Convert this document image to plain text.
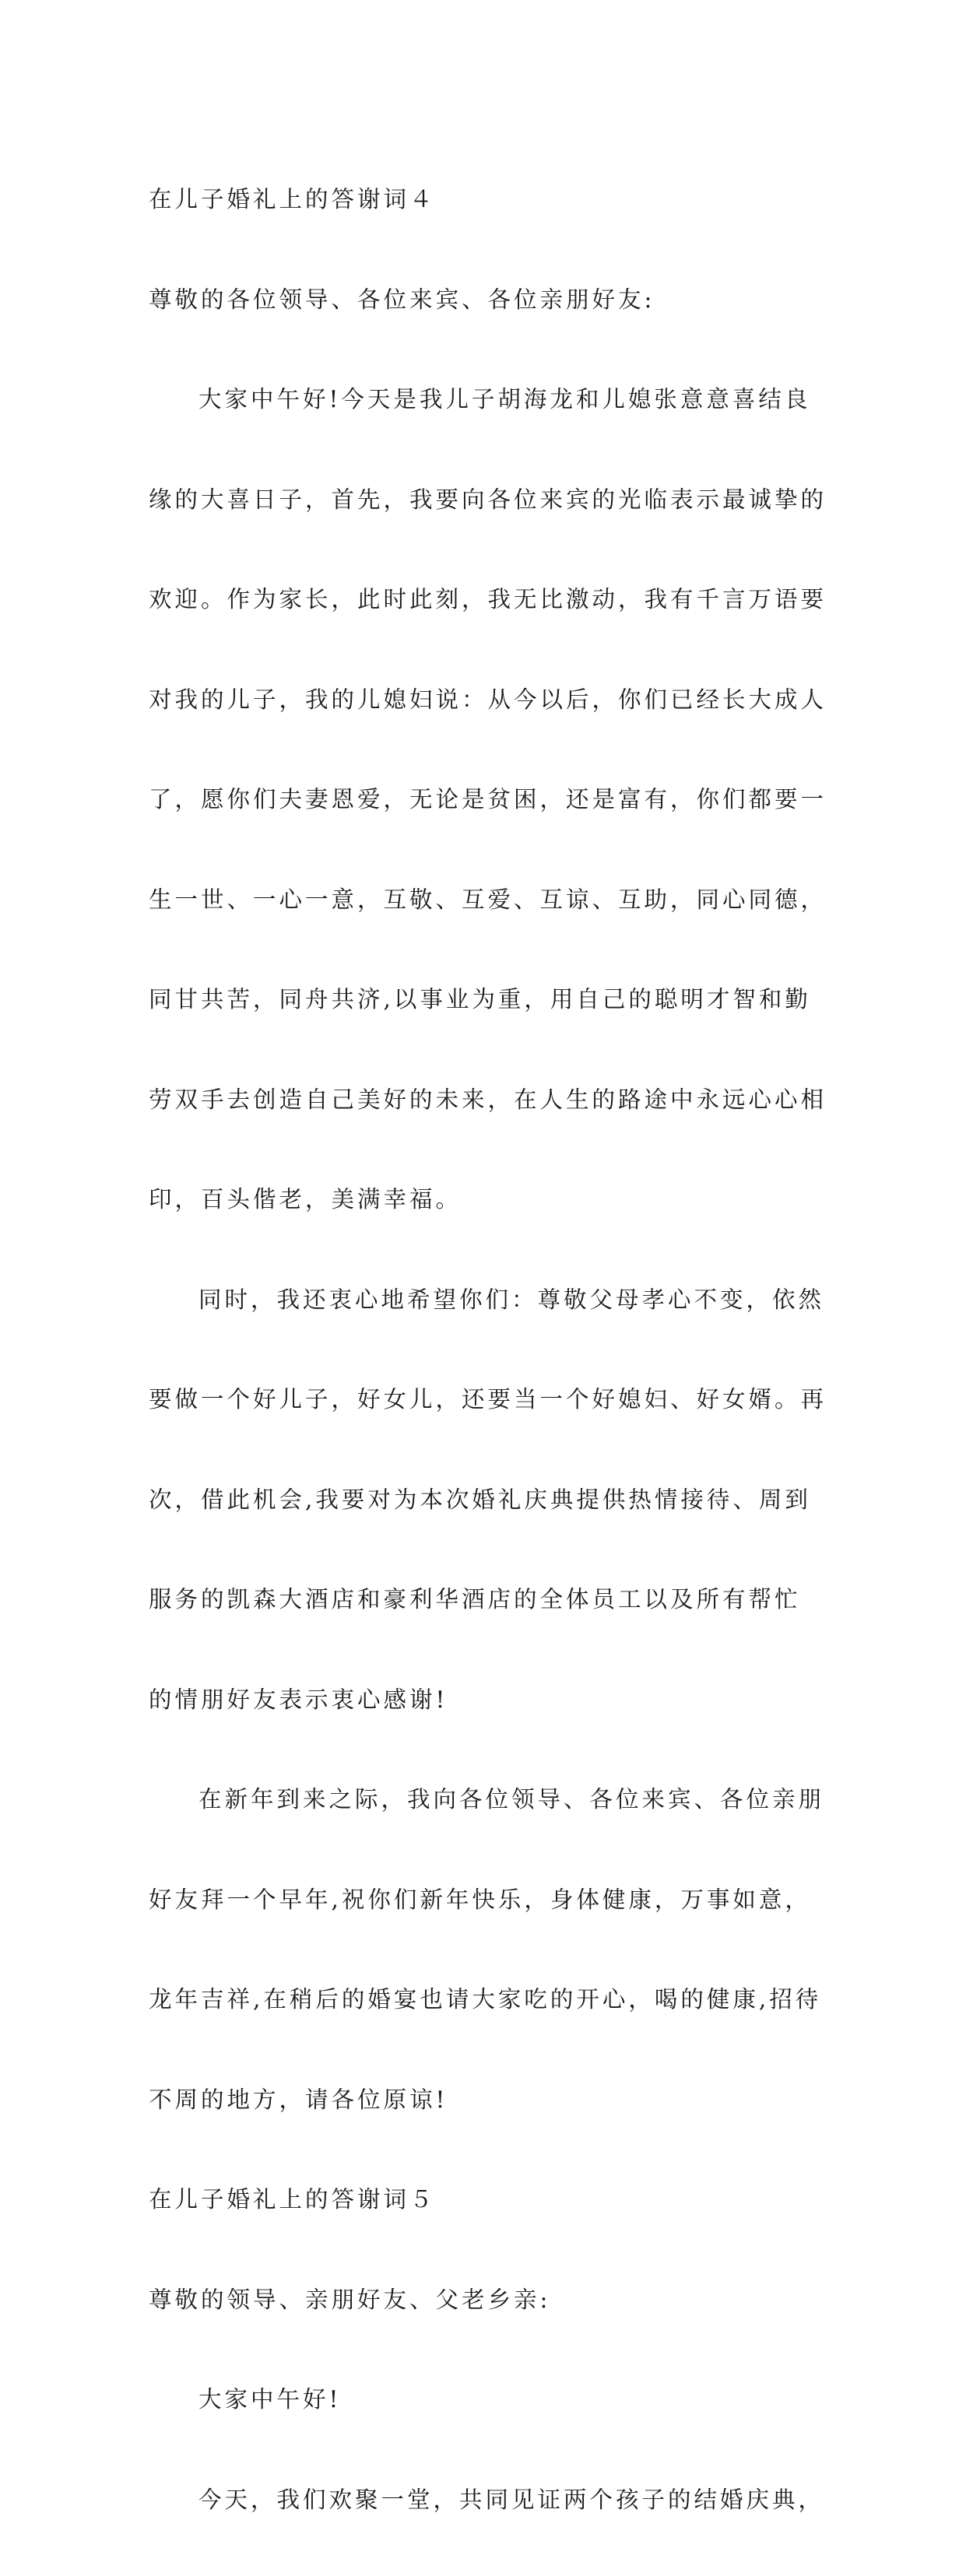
在儿子婚礼上的答谢词４

尊敬的各位领导、各位来宾、各位亲朋好友:

大家中午好!今天是我儿子胡海龙和儿媳张意意喜结良

缘的大喜日子，首先，我要向各位来宾的光临表示最诚挚的

欢迎。作为家长，此时此刻，我无比激动，我有千言万语要

对我的儿子，我的儿媳妇说：从今以后，你们已经长大成人

了，愿你们夫妻恩爱，无论是贫困，还是富有，你们都要一

生一世、一心一意，互敬、互爱、互谅、互助，同心同德，

同甘共苦，同舟共济,以事业为重，用自己的聪明才智和勤

劳双手去创造自己美好的未来，在人生的路途中永远心心相

印，百头偕老，美满幸福。

同时，我还衷心地希望你们：尊敬父母孝心不变，依然

要做一个好儿子，好女儿，还要当一个好媳妇、好女婿。再

次，借此机会,我要对为本次婚礼庆典提供热情接待、周到

服务的凯森大酒店和豪利华酒店的全体员工以及所有帮忙

的情朋好友表示衷心感谢!

在新年到来之际，我向各位领导、各位来宾、各位亲朋

好友拜一个早年,祝你们新年快乐，身体健康，万事如意，

龙年吉祥,在稍后的婚宴也请大家吃的开心，喝的健康,招待

不周的地方，请各位原谅!

在儿子婚礼上的答谢词５

尊敬的领导、亲朋好友、父老乡亲:

大家中午好!

今天，我们欢聚一堂，共同见证两个孩子的结婚庆典，
